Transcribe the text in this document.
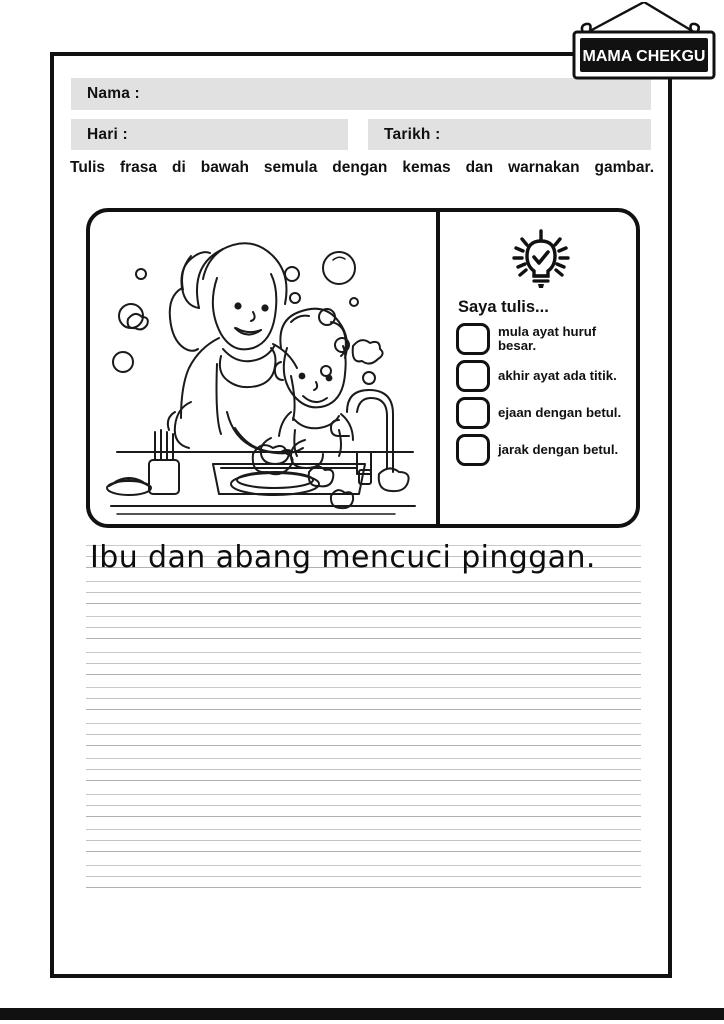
MAMA CHEKGU
Nama :
Hari :	Tarikh :
Tulis frasa di bawah semula dengan kemas dan warnakan gambar.
Saya tulis...
mula ayat huruf besar.
akhir ayat ada titik.
ejaan dengan betul.
jarak dengan betul.
Ibu dan abang mencuci pinggan.
